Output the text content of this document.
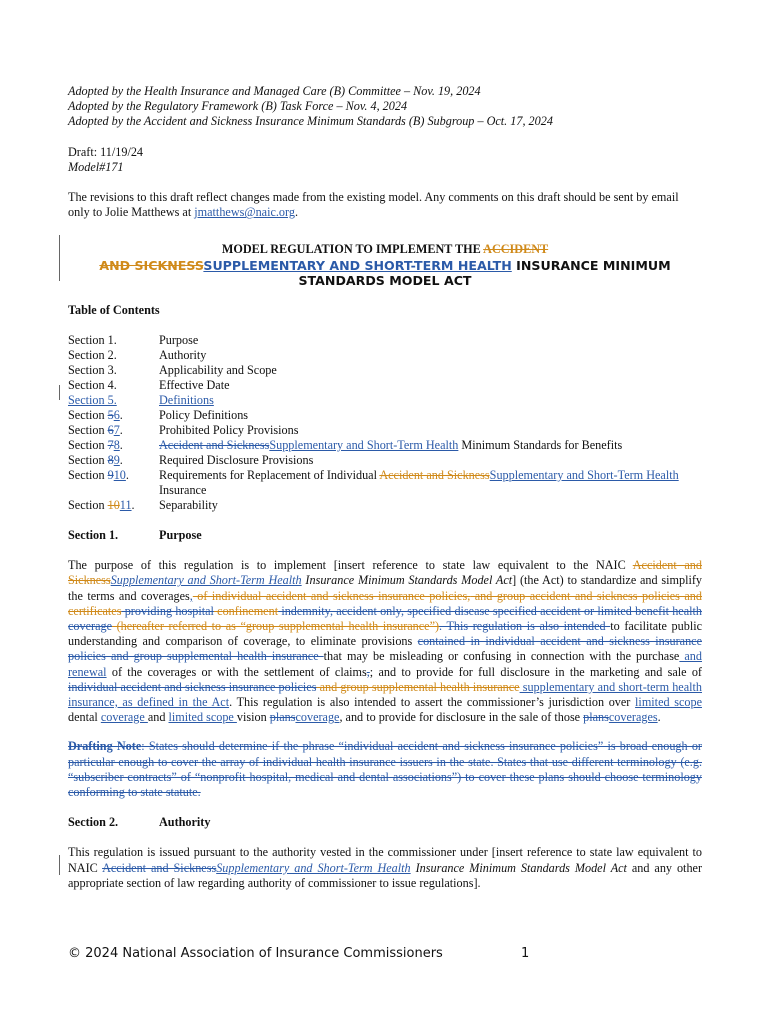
Adopted by the Health Insurance and Managed Care (B) Committee – Nov. 19, 2024
Adopted by the Regulatory Framework (B) Task Force – Nov. 4, 2024
Adopted by the Accident and Sickness Insurance Minimum Standards (B) Subgroup – Oct. 17, 2024
Draft: 11/19/24
Model#171

The revisions to this draft reflect changes made from the existing model. Any comments on this draft should be sent by email only to Jolie Matthews at jmatthews@naic.org.

MODEL REGULATION TO IMPLEMENT THE ACCIDENT
AND SICKNESSSUPPLEMENTARY AND SHORT-TERM HEALTH INSURANCE MINIMUM
STANDARDS MODEL ACT
Table of Contents
Section 1.	Purpose
Section 2.	Authority
Section 3.	Applicability and Scope
Section 4.	Effective Date
Section 5.	Definitions
Section 56.	Policy Definitions
Section 67.	Prohibited Policy Provisions
Section 78.	Accident and SicknessSupplementary and Short-Term Health Minimum Standards for Benefits
Section 89.	Required Disclosure Provisions
Section 910.	Requirements for Replacement of Individual Accident and SicknessSupplementary and Short-Term Health
Insurance
Section 1011.	Separability
Section 1.	Purpose

The purpose of this regulation is to implement [insert reference to state law equivalent to the NAIC Accident and SicknessSupplementary and Short-Term Health Insurance Minimum Standards Model Act] (the Act) to standardize and simplify the terms and coverages, of individual accident and sickness insurance policies, and group accident and sickness policies and certificates providing hospital confinement indemnity, accident only, specified disease specified accident or limited benefit health coverage (hereafter referred to as “group supplemental health insurance”). This regulation is also intended to facilitate public understanding and comparison of coverage, to eliminate provisions contained in individual accident and sickness insurance policies and group supplemental health insurance that may be misleading or confusing in connection with the purchase and renewal of the coverages or with the settlement of claims,; and to provide for full disclosure in the marketing and sale of individual accident and sickness insurance policies and group supplemental health insurance supplementary and short-term health insurance, as defined in the Act. This regulation is also intended to assert the commissioner’s jurisdiction over limited scope dental coverage and limited scope vision planscoverage, and to provide for disclosure in the sale of those planscoverages.

Drafting Note: States should determine if the phrase “individual accident and sickness insurance policies” is broad enough or particular enough to cover the array of individual health insurance issuers in the state. States that use different terminology (e.g. “subscriber contracts” of “nonprofit hospital, medical and dental associations”) to cover these plans should choose terminology conforming to state statute.

Section 2.	Authority

This regulation is issued pursuant to the authority vested in the commissioner under [insert reference to state law equivalent to NAIC Accident and SicknessSupplementary and Short-Term Health Insurance Minimum Standards Model Act and any other appropriate section of law regarding authority of commissioner to issue regulations].

© 2024 National Association of Insurance Commissioners	1
